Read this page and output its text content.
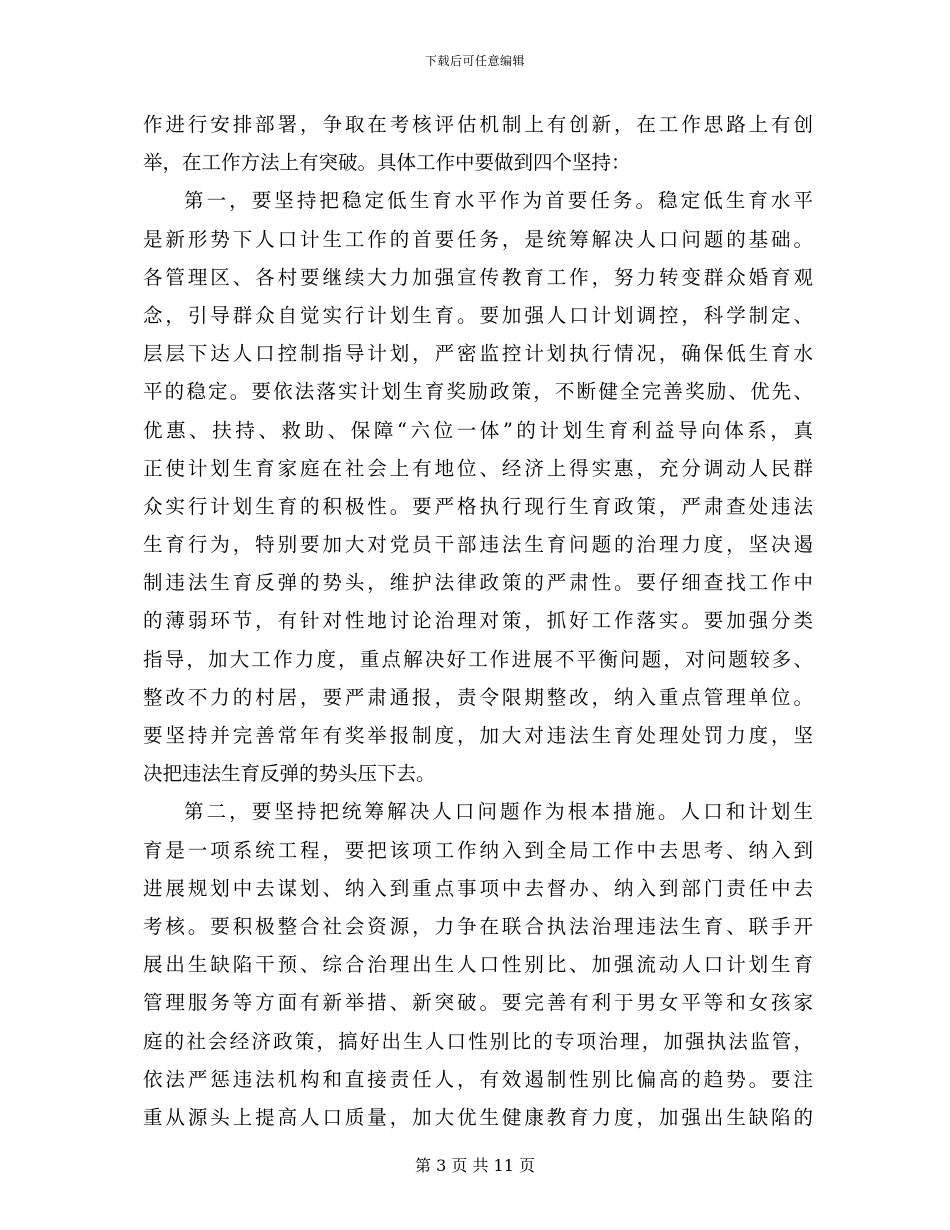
下载后可任意编辑
作进行安排部署，争取在考核评估机制上有创新，在工作思路上有创
举，在工作方法上有突破。具体工作中要做到四个坚持：
第一，要坚持把稳定低生育水平作为首要任务。稳定低生育水平
是新形势下人口计生工作的首要任务，是统筹解决人口问题的基础。
各管理区、各村要继续大力加强宣传教育工作，努力转变群众婚育观
念，引导群众自觉实行计划生育。要加强人口计划调控，科学制定、
层层下达人口控制指导计划，严密监控计划执行情况，确保低生育水
平的稳定。要依法落实计划生育奖励政策，不断健全完善奖励、优先、
优惠、扶持、救助、保障“六位一体”的计划生育利益导向体系，真
正使计划生育家庭在社会上有地位、经济上得实惠，充分调动人民群
众实行计划生育的积极性。要严格执行现行生育政策，严肃查处违法
生育行为，特别要加大对党员干部违法生育问题的治理力度，坚决遏
制违法生育反弹的势头，维护法律政策的严肃性。要仔细查找工作中
的薄弱环节，有针对性地讨论治理对策，抓好工作落实。要加强分类
指导，加大工作力度，重点解决好工作进展不平衡问题，对问题较多、
整改不力的村居，要严肃通报，责令限期整改，纳入重点管理单位。
要坚持并完善常年有奖举报制度，加大对违法生育处理处罚力度，坚
决把违法生育反弹的势头压下去。
第二，要坚持把统筹解决人口问题作为根本措施。人口和计划生
育是一项系统工程，要把该项工作纳入到全局工作中去思考、纳入到
进展规划中去谋划、纳入到重点事项中去督办、纳入到部门责任中去
考核。要积极整合社会资源，力争在联合执法治理违法生育、联手开
展出生缺陷干预、综合治理出生人口性别比、加强流动人口计划生育
管理服务等方面有新举措、新突破。要完善有利于男女平等和女孩家
庭的社会经济政策，搞好出生人口性别比的专项治理，加强执法监管，
依法严惩违法机构和直接责任人，有效遏制性别比偏高的趋势。要注
重从源头上提高人口质量，加大优生健康教育力度，加强出生缺陷的
第 3 页 共 11 页
